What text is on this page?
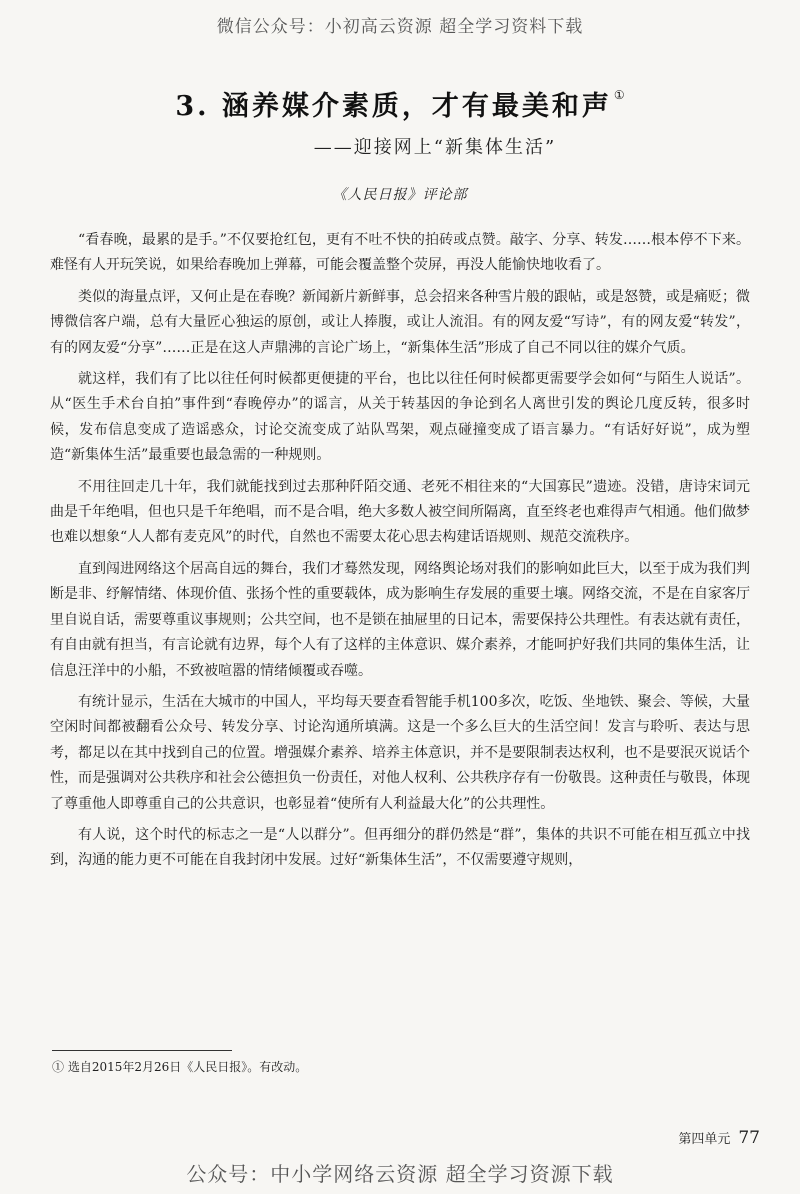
微信公众号：小初高云资源 超全学习资料下载
3. 涵养媒介素质，才有最美和声 ①
——迎接网上“新集体生活”
《人民日报》评论部

“看春晚，最累的是手。”不仅要抢红包，更有不吐不快的拍砖或点赞。敲字、分享、转发……根本停不下来。难怪有人开玩笑说，如果给春晚加上弹幕，可能会覆盖整个荧屏，再没人能愉快地收看了。

类似的海量点评，又何止是在春晚？新闻新片新鲜事，总会招来各种雪片般的跟帖，或是怒赞，或是痛贬；微博微信客户端，总有大量匠心独运的原创，或让人捧腹，或让人流泪。有的网友爱“写诗”，有的网友爱“转发”，有的网友爱“分享”……正是在这人声鼎沸的言论广场上，“新集体生活”形成了自己不同以往的媒介气质。

就这样，我们有了比以往任何时候都更便捷的平台，也比以往任何时候都更需要学会如何“与陌生人说话”。从“医生手术台自拍”事件到“春晚停办”的谣言，从关于转基因的争论到名人离世引发的舆论几度反转，很多时候，发布信息变成了造谣惑众，讨论交流变成了站队骂架，观点碰撞变成了语言暴力。“有话好好说”，成为塑造“新集体生活”最重要也最急需的一种规则。

不用往回走几十年，我们就能找到过去那种阡陌交通、老死不相往来的“大国寡民”遗迹。没错，唐诗宋词元曲是千年绝唱，但也只是千年绝唱，而不是合唱，绝大多数人被空间所隔离，直至终老也难得声气相通。他们做梦也难以想象“人人都有麦克风”的时代，自然也不需要太花心思去构建话语规则、规范交流秩序。

直到闯进网络这个居高自远的舞台，我们才蓦然发现，网络舆论场对我们的影响如此巨大，以至于成为我们判断是非、纾解情绪、体现价值、张扬个性的重要载体，成为影响生存发展的重要土壤。网络交流，不是在自家客厅里自说自话，需要尊重议事规则；公共空间，也不是锁在抽屉里的日记本，需要保持公共理性。有表达就有责任，有自由就有担当，有言论就有边界，每个人有了这样的主体意识、媒介素养，才能呵护好我们共同的集体生活，让信息汪洋中的小船，不致被喧嚣的情绪倾覆或吞噬。

有统计显示，生活在大城市的中国人，平均每天要查看智能手机100多次，吃饭、坐地铁、聚会、等候，大量空闲时间都被翻看公众号、转发分享、讨论沟通所填满。这是一个多么巨大的生活空间！发言与聆听、表达与思考，都足以在其中找到自己的位置。增强媒介素养、培养主体意识，并不是要限制表达权利，也不是要泯灭说话个性，而是强调对公共秩序和社会公德担负一份责任，对他人权利、公共秩序存有一份敬畏。这种责任与敬畏，体现了尊重他人即尊重自己的公共意识，也彰显着“使所有人利益最大化”的公共理性。

有人说，这个时代的标志之一是“人以群分”。但再细分的群仍然是“群”，集体的共识不可能在相互孤立中找到，沟通的能力更不可能在自我封闭中发展。过好“新集体生活”，不仅需要遵守规则，

① 选自2015年2月26日《人民日报》。有改动。
第四单元 77
公众号：中小学网络云资源 超全学习资源下载
